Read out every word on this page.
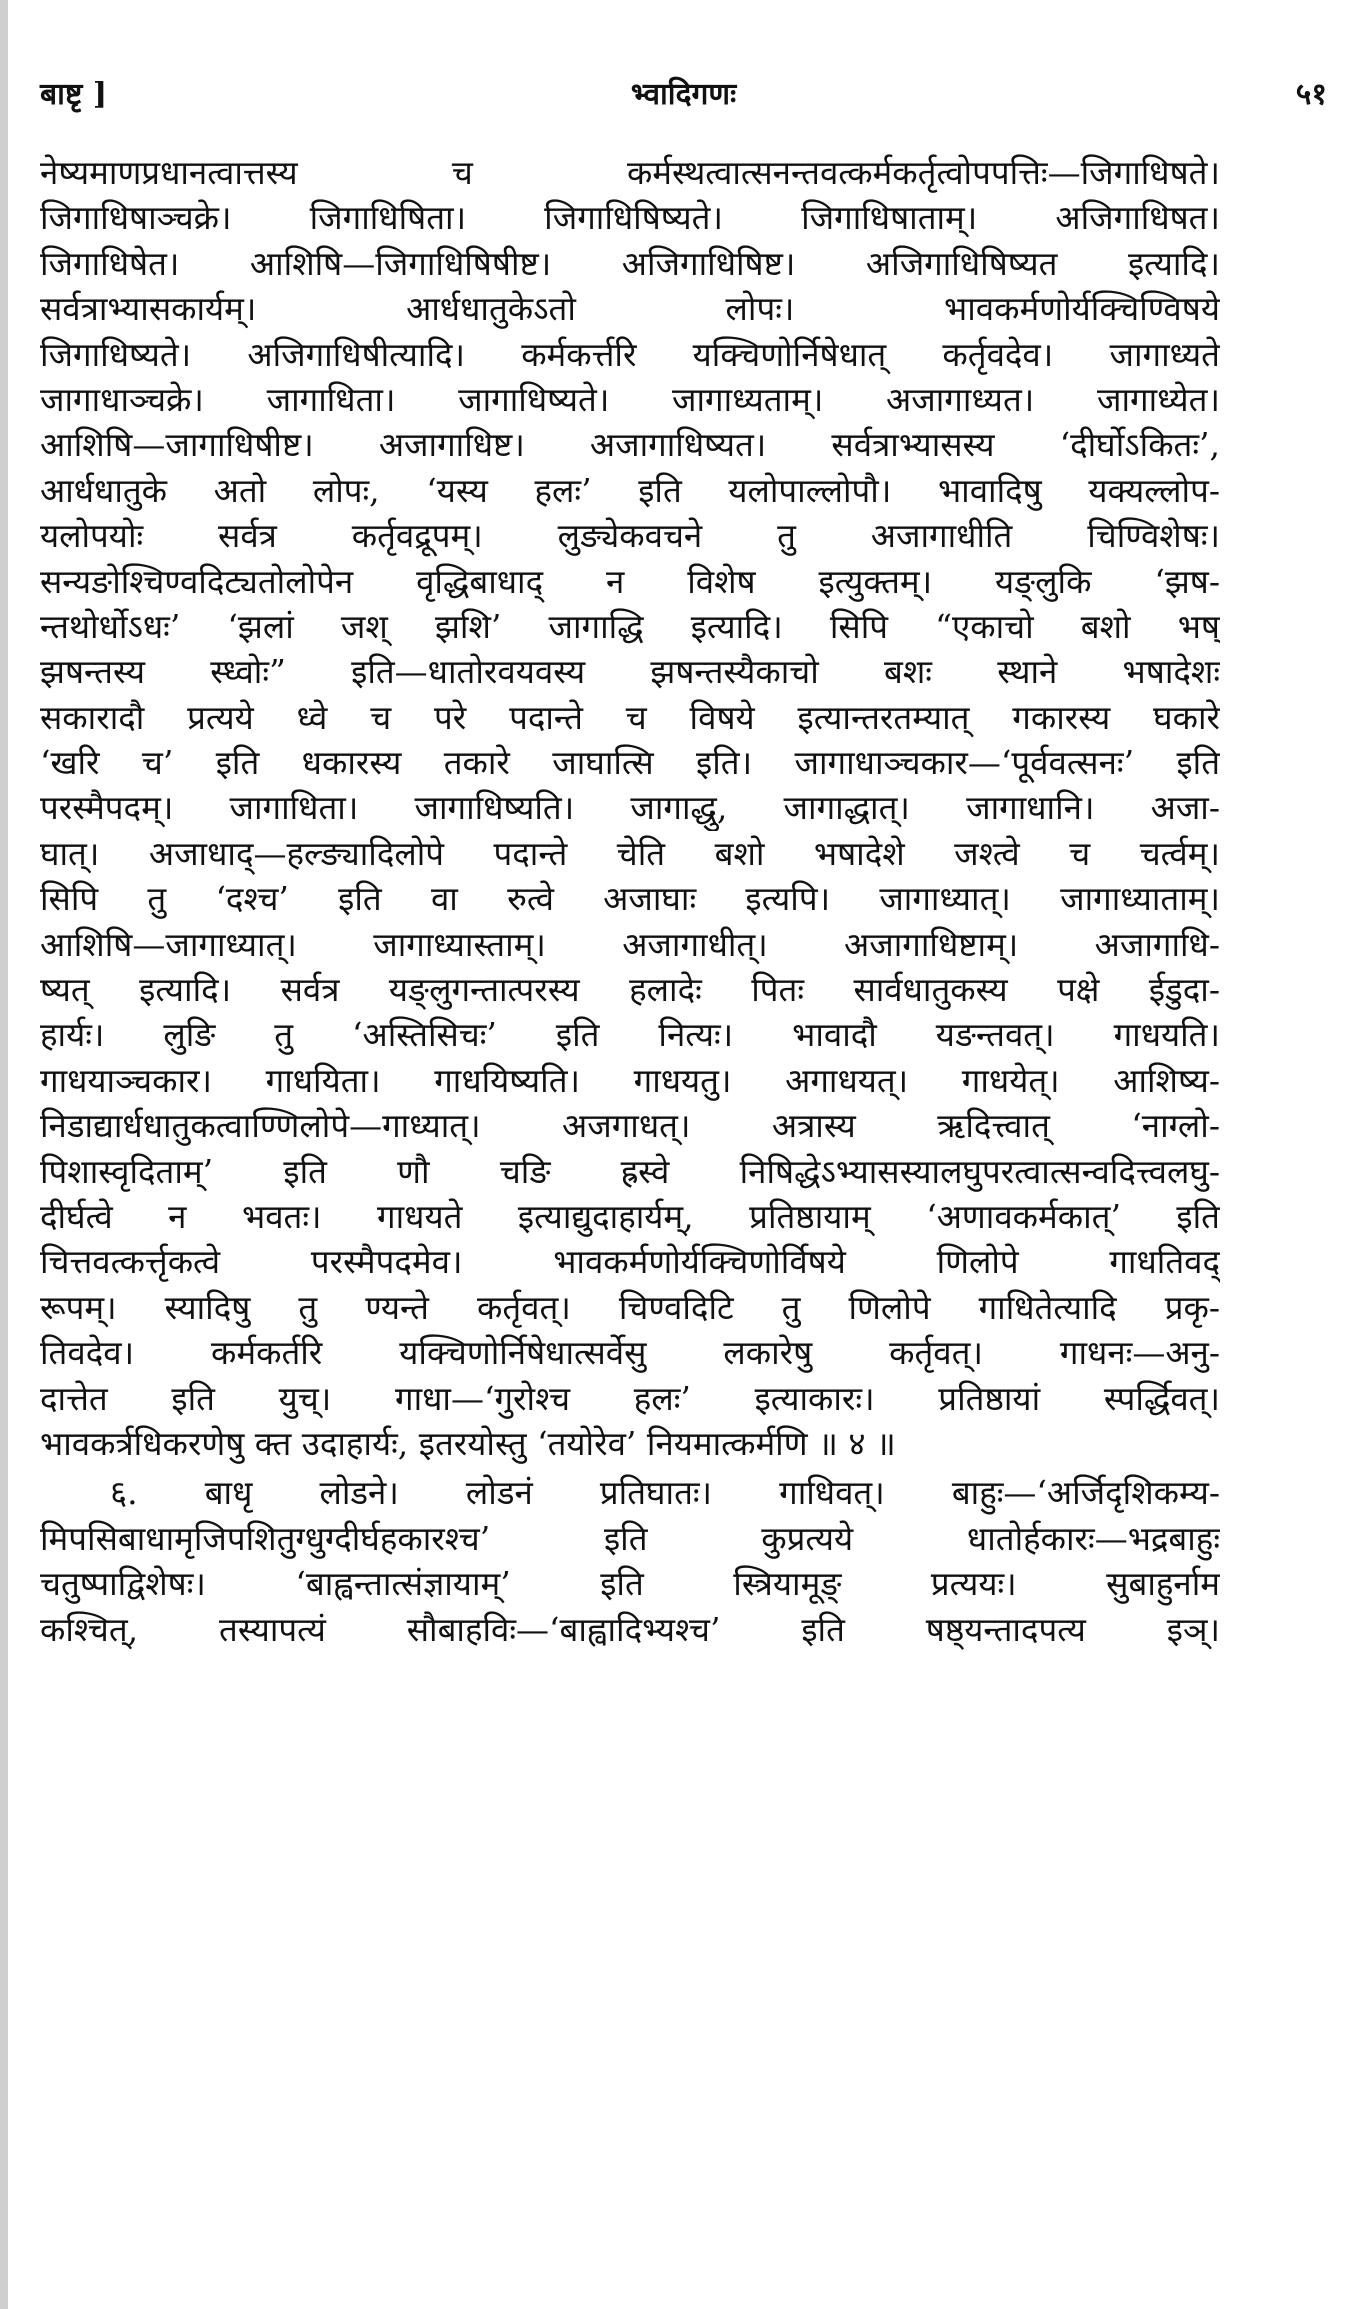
बाष्टृ ]	भ्वादिगणः	५१
नेष्यमाणप्रधानत्वात्तस्य च कर्मस्थत्वात्सनन्तवत्कर्मकर्तृत्वोपपत्तिः—जिगाधिषते।
जिगाधिषाञ्चक्रे। जिगाधिषिता। जिगाधिषिष्यते। जिगाधिषाताम्। अजिगाधिषत।
जिगाधिषेत। आशिषि—जिगाधिषिषीष्ट। अजिगाधिषिष्ट। अजिगाधिषिष्यत इत्यादि।
सर्वत्राभ्यासकार्यम्। आर्धधातुकेऽतो लोपः। भावकर्मणोर्यक्चिण्विषये
जिगाधिष्यते। अजिगाधिषीत्यादि। कर्मकर्त्तरि यक्चिणोर्निषेधात् कर्तृवदेव। जागाध्यते
जागाधाञ्चक्रे। जागाधिता। जागाधिष्यते। जागाध्यताम्। अजागाध्यत। जागाध्येत।
आशिषि—जागाधिषीष्ट। अजागाधिष्ट। अजागाधिष्यत। सर्वत्राभ्यासस्य ‘दीर्घोऽकितः’,
आर्धधातुके अतो लोपः, ‘यस्य हलः’ इति यलोपाल्लोपौ। भावादिषु यक्यल्लोप-
यलोपयोः सर्वत्र कर्तृवद्रूपम्। लुङ्येकवचने तु अजागाधीति चिण्विशेषः।
सन्यङोश्चिण्वदिट्यतोलोपेन वृद्धिबाधाद् न विशेष इत्युक्तम्। यङ्लुकि ‘झष-
न्तथोर्धोऽधः’ ‘झलां जश् झशि’ जागाद्धि इत्यादि। सिपि “एकाचो बशो भष्
झषन्तस्य स्ध्वोः” इति—धातोरवयवस्य झषन्तस्यैकाचो बशः स्थाने भषादेशः
सकारादौ प्रत्यये ध्वे च परे पदान्ते च विषये इत्यान्तरतम्यात् गकारस्य घकारे
‘खरि च’ इति धकारस्य तकारे जाघात्सि इति। जागाधाञ्चकार—‘पूर्ववत्सनः’ इति
परस्मैपदम्। जागाधिता। जागाधिष्यति। जागाद्धु, जागाद्धात्। जागाधानि। अजा-
घात्। अजाधाद्—हल्ङ्यादिलोपे पदान्ते चेति बशो भषादेशे जश्त्वे च चर्त्वम्।
सिपि तु ‘दश्च’ इति वा रुत्वे अजाघाः इत्यपि। जागाध्यात्। जागाध्याताम्।
आशिषि—जागाध्यात्। जागाध्यास्ताम्। अजागाधीत्। अजागाधिष्टाम्। अजागाधि-
ष्यत् इत्यादि। सर्वत्र यङ्लुगन्तात्परस्य हलादेः पितः सार्वधातुकस्य पक्षे ईडुदा-
हार्यः। लुङि तु ‘अस्तिसिचः’ इति नित्यः। भावादौ यङन्तवत्। गाधयति।
गाधयाञ्चकार। गाधयिता। गाधयिष्यति। गाधयतु। अगाधयत्। गाधयेत्। आशिष्य-
निडाद्यार्धधातुकत्वाण्णिलोपे—गाध्यात्। अजगाधत्। अत्रास्य ऋदित्त्वात् ‘नाग्लो-
पिशास्वृदिताम्’ इति णौ चङि ह्रस्वे निषिद्धेऽभ्यासस्यालघुपरत्वात्सन्वदित्त्वलघु-
दीर्घत्वे न भवतः। गाधयते इत्याद्युदाहार्यम्, प्रतिष्ठायाम् ‘अणावकर्मकात्’ इति
चित्तवत्कर्त्तृकत्वे परस्मैपदमेव। भावकर्मणोर्यक्चिणोर्विषये णिलोपे गाधतिवद्
रूपम्। स्यादिषु तु ण्यन्ते कर्तृवत्। चिण्वदिटि तु णिलोपे गाधितेत्यादि प्रकृ-
तिवदेव। कर्मकर्तरि यक्चिणोर्निषेधात्सर्वेसु लकारेषु कर्तृवत्। गाधनः—अनु-
दात्तेत इति युच्। गाधा—‘गुरोश्च हलः’ इत्याकारः। प्रतिष्ठायां स्पर्द्धिवत्।
भावकर्त्रधिकरणेषु क्त उदाहार्यः, इतरयोस्तु ‘तयोरेव’ नियमात्कर्मणि ॥ ४ ॥
६. बाधृ लोडने। लोडनं प्रतिघातः। गाधिवत्। बाहुः—‘अर्जिदृशिकम्य-
मिपसिबाधामृजिपशितुग्धुग्दीर्घहकारश्च’ इति कुप्रत्यये धातोर्हकारः—भद्रबाहुः
चतुष्पाद्विशेषः। ‘बाह्वन्तात्संज्ञायाम्’ इति स्त्रियामूङ् प्रत्ययः। सुबाहुर्नाम
कश्चित्, तस्यापत्यं सौबाहविः—‘बाह्वादिभ्यश्च’ इति षष्ठ्यन्तादपत्य इञ्।
